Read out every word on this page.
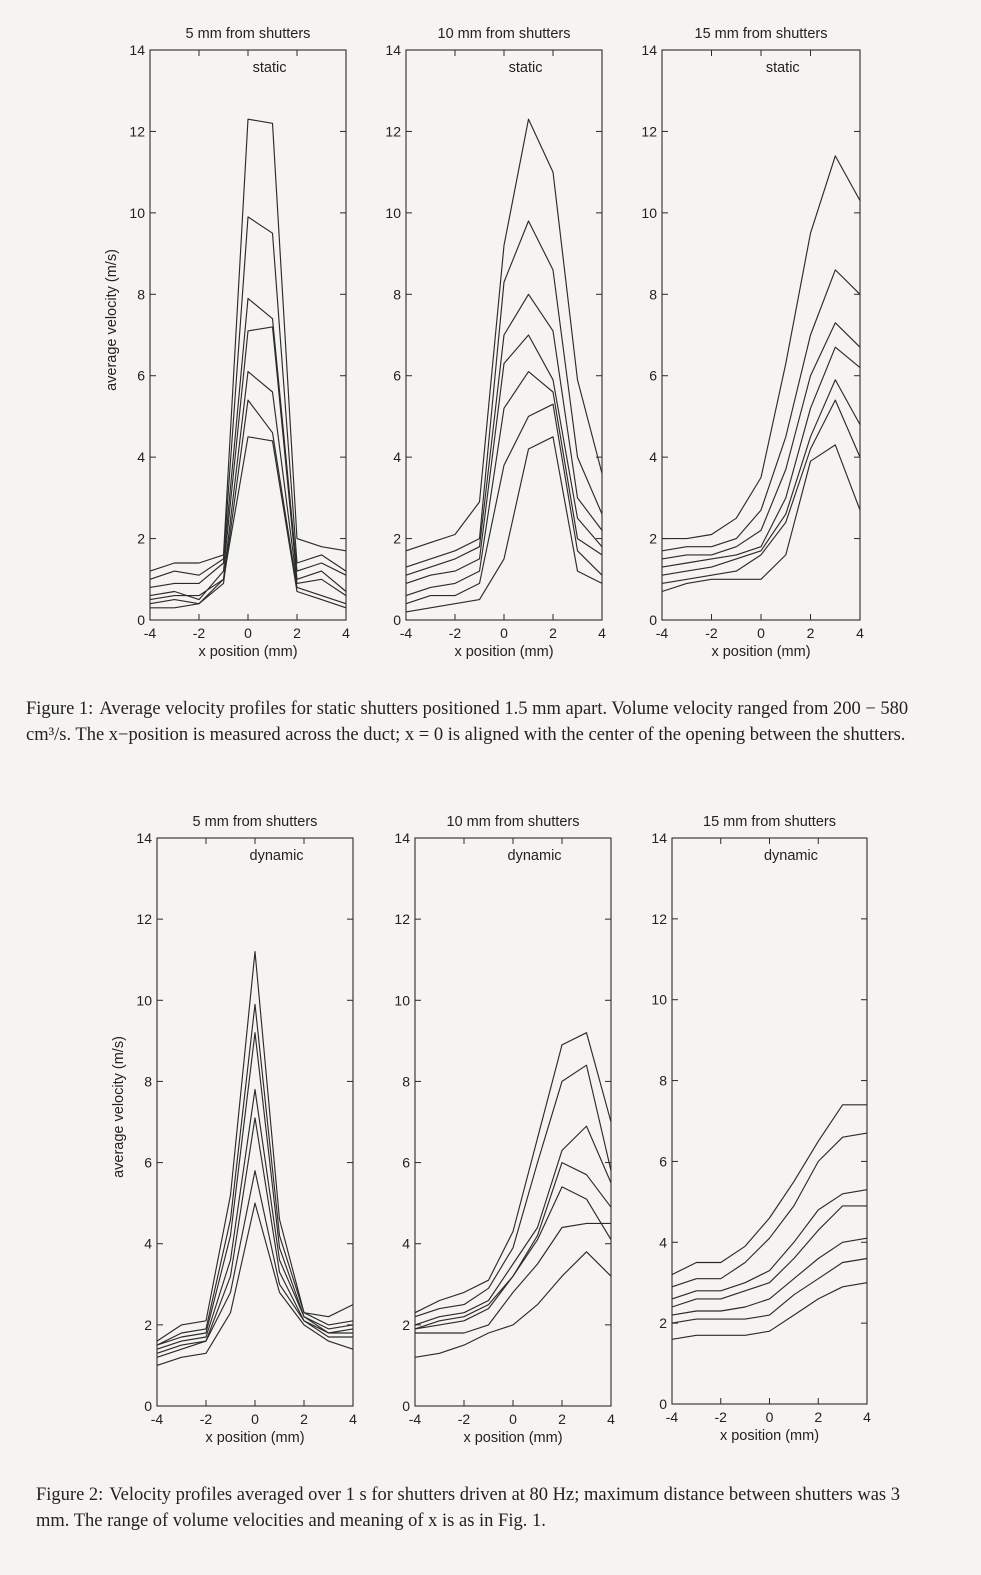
0
2
4
6
8
10
12
14
-4	-2	0	2	4
5 mm from shutters
static
x position (mm)
average velocity (m/s)
0
2
4
6
8
10
12
14
-4	-2	0	2	4
10 mm from shutters
static
x position (mm)
0
2
4
6
8
10
12
14
-4	-2	0	2	4
15 mm from shutters
static
x position (mm)
0
2
4
6
8
10
12
14
-4	-2	0	2	4
5 mm from shutters
dynamic
x position (mm)
average velocity (m/s)
0
2
4
6
8
10
12
14
-4	-2	0	2	4
10 mm from shutters
dynamic
x position (mm)
0
2
4
6
8
10
12
14
-4	-2	0	2	4
15 mm from shutters
dynamic
x position (mm)
Figure 1: Average velocity profiles for static shutters positioned 1.5 mm apart. Volume velocity ranged from 200 − 580 cm³/s. The x−position is measured across the duct; x = 0 is aligned with the center of the opening between the shutters.
Figure 2: Velocity profiles averaged over 1 s for shutters driven at 80 Hz; maximum distance between shutters was 3 mm. The range of volume velocities and meaning of x is as in Fig. 1.
